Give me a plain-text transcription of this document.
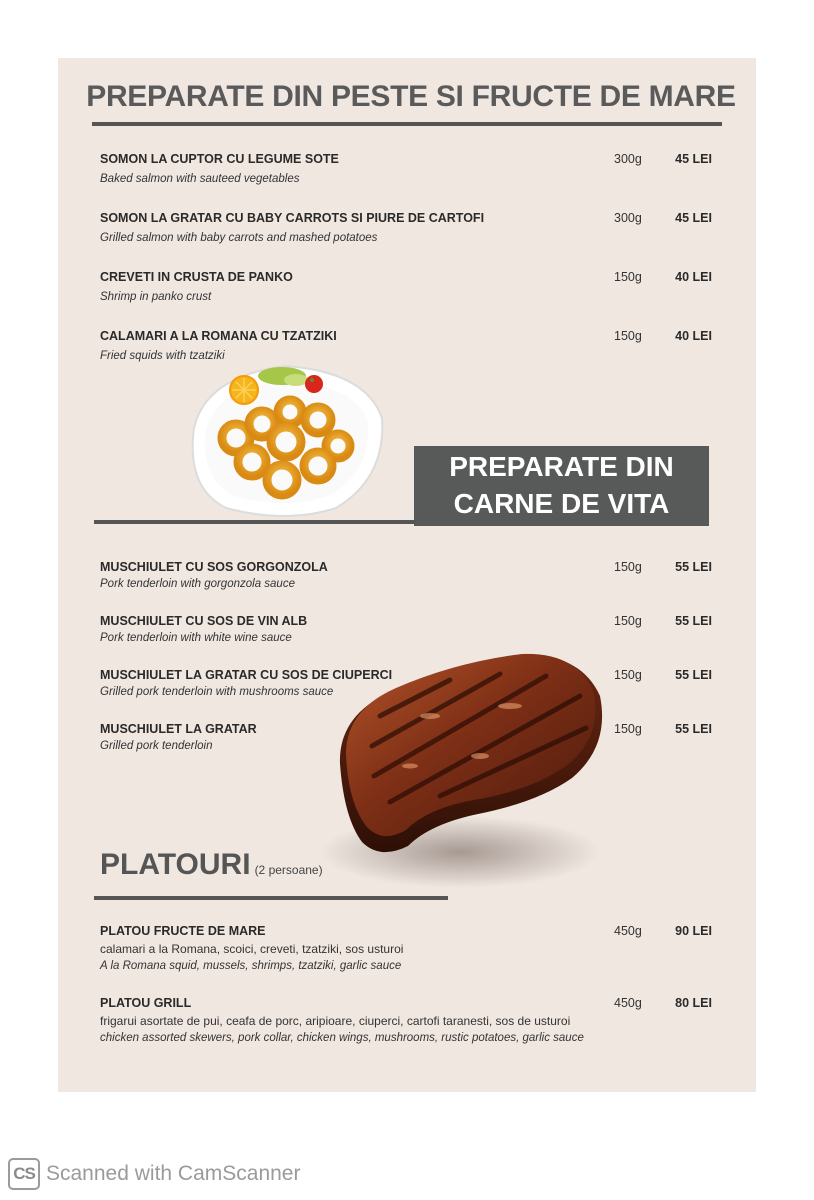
PREPARATE DIN PESTE SI FRUCTE DE MARE
SOMON LA CUPTOR CU LEGUME SOTE
Baked salmon with sauteed vegetables
300g	45 LEI
SOMON LA GRATAR CU BABY CARROTS SI PIURE DE CARTOFI
Grilled salmon with baby carrots and mashed potatoes
300g	45 LEI
CREVETI IN CRUSTA DE PANKO
Shrimp in panko crust
150g	40 LEI
CALAMARI A LA ROMANA CU TZATZIKI
Fried squids with tzatziki
150g	40 LEI
PREPARATE DIN
CARNE DE VITA
MUSCHIULET CU SOS GORGONZOLA
Pork tenderloin with gorgonzola sauce
150g	55 LEI
MUSCHIULET CU SOS DE VIN ALB
Pork tenderloin with white wine sauce
150g	55 LEI
MUSCHIULET LA GRATAR CU SOS DE CIUPERCI
Grilled pork tenderloin with mushrooms sauce
150g	55 LEI
MUSCHIULET LA GRATAR
Grilled pork tenderloin
150g	55 LEI
PLATOURI (2 persoane)
PLATOU FRUCTE DE MARE	450g	90 LEI
calamari a la Romana, scoici, creveti, tzatziki, sos usturoi
A la Romana squid, mussels, shrimps, tzatziki, garlic sauce
PLATOU GRILL	450g	80 LEI
frigarui asortate de pui, ceafa de porc, aripioare, ciuperci, cartofi taranesti, sos de usturoi
chicken assorted skewers, pork collar, chicken wings, mushrooms, rustic potatoes, garlic sauce
CS Scanned with CamScanner
